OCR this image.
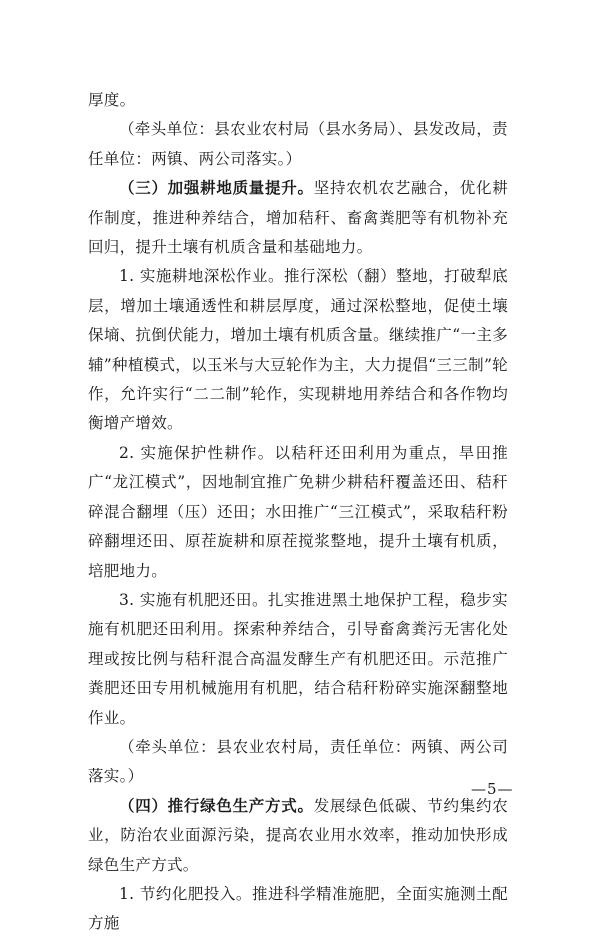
厚度。

（牵头单位：县农业农村局（县水务局）、县发改局，责任单位：两镇、两公司落实。）

（三）加强耕地质量提升。坚持农机农艺融合，优化耕作制度，推进种养结合，增加秸秆、畜禽粪肥等有机物补充回归，提升土壤有机质含量和基础地力。

1. 实施耕地深松作业。推行深松（翻）整地，打破犁底层，增加土壤通透性和耕层厚度，通过深松整地，促使土壤保墒、抗倒伏能力，增加土壤有机质含量。继续推广“一主多辅”种植模式，以玉米与大豆轮作为主，大力提倡“三三制”轮作，允许实行“二二制”轮作，实现耕地用养结合和各作物均衡增产增效。

2. 实施保护性耕作。以秸秆还田利用为重点，旱田推广“龙江模式”，因地制宜推广免耕少耕秸秆覆盖还田、秸秆碎混合翻埋（压）还田；水田推广“三江模式”，采取秸秆粉碎翻埋还田、原茬旋耕和原茬搅浆整地，提升土壤有机质，培肥地力。

3. 实施有机肥还田。扎实推进黑土地保护工程，稳步实施有机肥还田利用。探索种养结合，引导畜禽粪污无害化处理或按比例与秸秆混合高温发酵生产有机肥还田。示范推广粪肥还田专用机械施用有机肥，结合秸秆粉碎实施深翻整地作业。

（牵头单位：县农业农村局，责任单位：两镇、两公司落实。）

（四）推行绿色生产方式。发展绿色低碳、节约集约农业，防治农业面源污染，提高农业用水效率，推动加快形成绿色生产方式。

1. 节约化肥投入。推进科学精准施肥，全面实施测土配方施

—5—
